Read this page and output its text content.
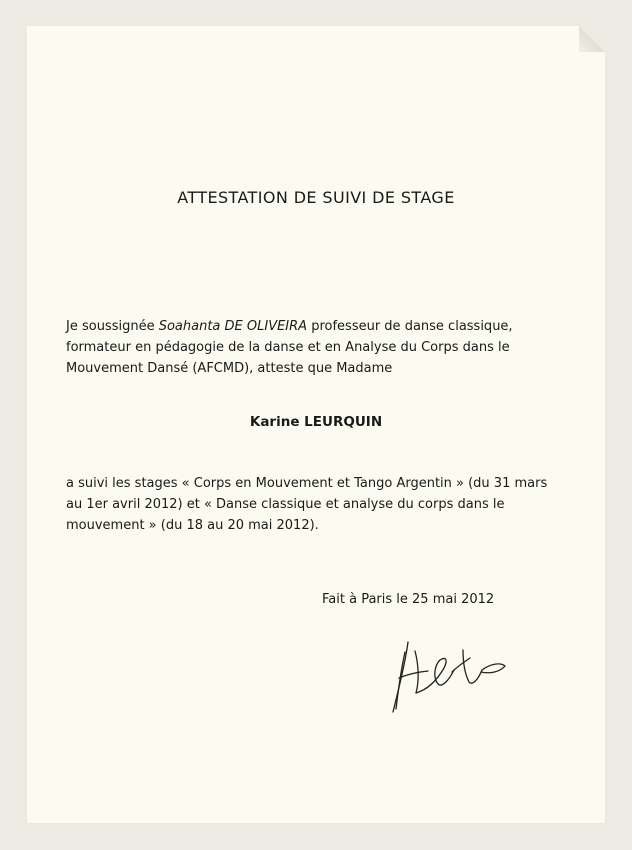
ATTESTATION DE SUIVI DE STAGE

Je soussignée Soahanta DE OLIVEIRA professeur de danse classique,
formateur en pédagogie de la danse et en Analyse du Corps dans le
Mouvement Dansé (AFCMD), atteste que Madame

Karine LEURQUIN

a suivi les stages « Corps en Mouvement et Tango Argentin » (du 31 mars
au 1er avril 2012) et « Danse classique et analyse du corps dans le
mouvement » (du 18 au 20 mai 2012).

Fait à Paris le 25 mai 2012
